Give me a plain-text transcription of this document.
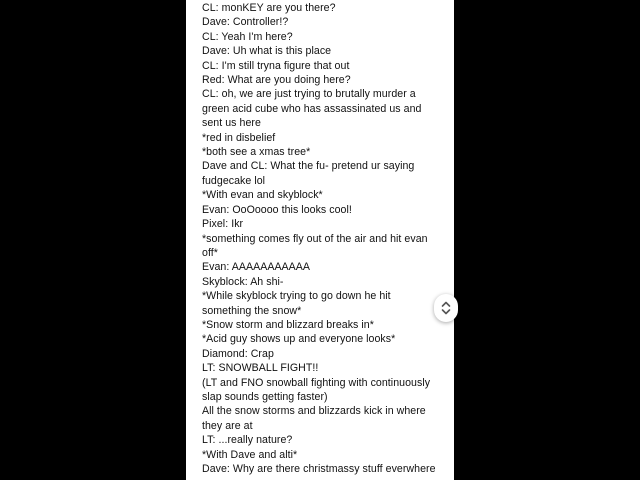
CL: monKEY are you there?
Dave: Controller!?
CL: Yeah I'm here?
Dave: Uh what is this place
CL: I'm still tryna figure that out
Red: What are you doing here?
CL: oh, we are just trying to brutally murder a green acid cube who has assassinated us and sent us here
*red in disbelief
*both see a xmas tree*
Dave and CL: What the fu- pretend ur saying fudgecake lol
*With evan and skyblock*
Evan: OoOoooo this looks cool!
Pixel: Ikr
*something comes fly out of the air and hit evan off*
Evan: AAAAAAAAAAA
Skyblock: Ah shi-
*While skyblock trying to go down he hit something the snow*
*Snow storm and blizzard breaks in*
*Acid guy shows up and everyone looks*
Diamond: Crap
LT: SNOWBALL FIGHT!!
(LT and FNO snowball fighting with continuously slap sounds getting faster)
All the snow storms and blizzards kick in where they are at
LT: ...really nature?
*With Dave and alti*
Dave: Why are there christmassy stuff everwhere
